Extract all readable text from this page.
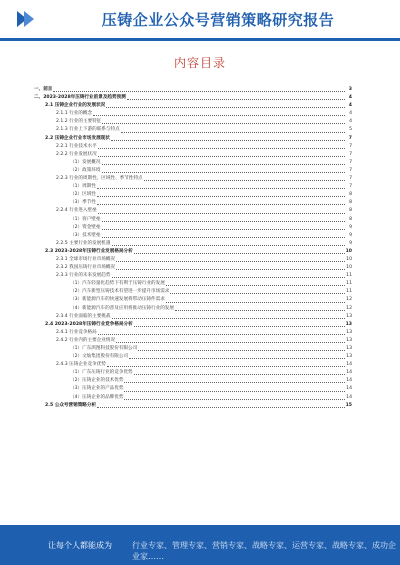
压铸企业公众号营销策略研究报告
内容目录
一、前言	3
二、2023-2028年压铸行业前景及趋势预测	4
2.1 压铸企业行业的发展状况	4
2.1.1 行业的概念	4
2.1.2 行业的主要特征	4
2.1.3 行业上下游的联系与特点	5
2.2 压铸企业行业市场发展现状	7
2.2.1 行业技术水平	7
2.2.2 行业发展状况	7
（1）发展概况	7
（2）政策环境	7
2.2.3 行业的周期性、区域性、季节性特点	7
（1）周期性	7
（2）区域性	8
（3）季节性	8
2.2.4 行业进入壁垒	8
（1）客户壁垒	8
（2）资金壁垒	9
（3）技术壁垒	9
2.2.5 主要行业的发展机遇	9
2.3 2023-2028年压铸行业发展格局分析	10
2.3.1 全球市场行业市场概况	10
2.3.2 我国压铸行业市场概况	10
2.3.3 行业的未来发展趋势	11
（1）汽车轻量化趋势下有利于压铸行业的发展	11
（2）汽车新型压铸技术有望进一步提升市场需求	11
（3）新能源汽车的快速发展将带动压铸件需求	12
（4）新能源汽车的普及应用将推动压铸行业的发展	12
2.3.4 行业面临的主要挑战	13
2.4 2023-2028年压铸行业竞争格局分析	13
2.4.1 行业竞争格局	13
2.4.2 行业内的主要企业情况	13
（1）广东鸿图科技股份有限公司	13
（2）文灿集团股份有限公司	13
2.4.3 压铸企业竞争优势	14
（1）广东压铸行业的竞争优势	14
（2）压铸企业的技术优势	14
（3）压铸企业的产品优势	14
（4）压铸企业的品牌优势	14
2.5 公众号营销策略分析	15
让每个人都能成为	行业专家、管理专家、营销专家、战略专家、运营专家、战略专家、成功企业家……
